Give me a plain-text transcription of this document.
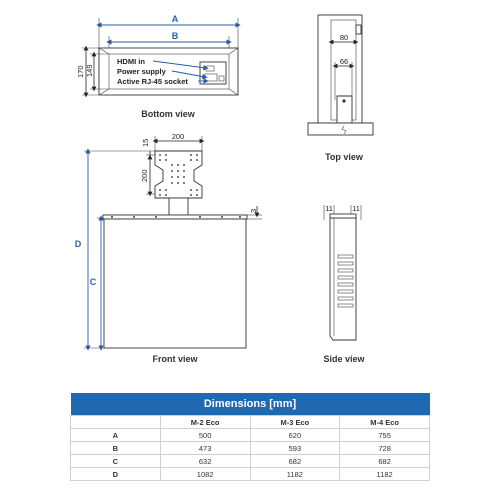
A
B
170 149
HDMI in
Power supply
Active RJ-45 socket
Bottom view
80
66
Top view
D
C
200
15
200
3
Front view
11	11
Side view
Dimensions [mm]			
	M-2 Eco	M-3 Eco	M-4 Eco
A	500	620	755
B	473	593	728
C	632	682	682
D	1082	1182	1182
